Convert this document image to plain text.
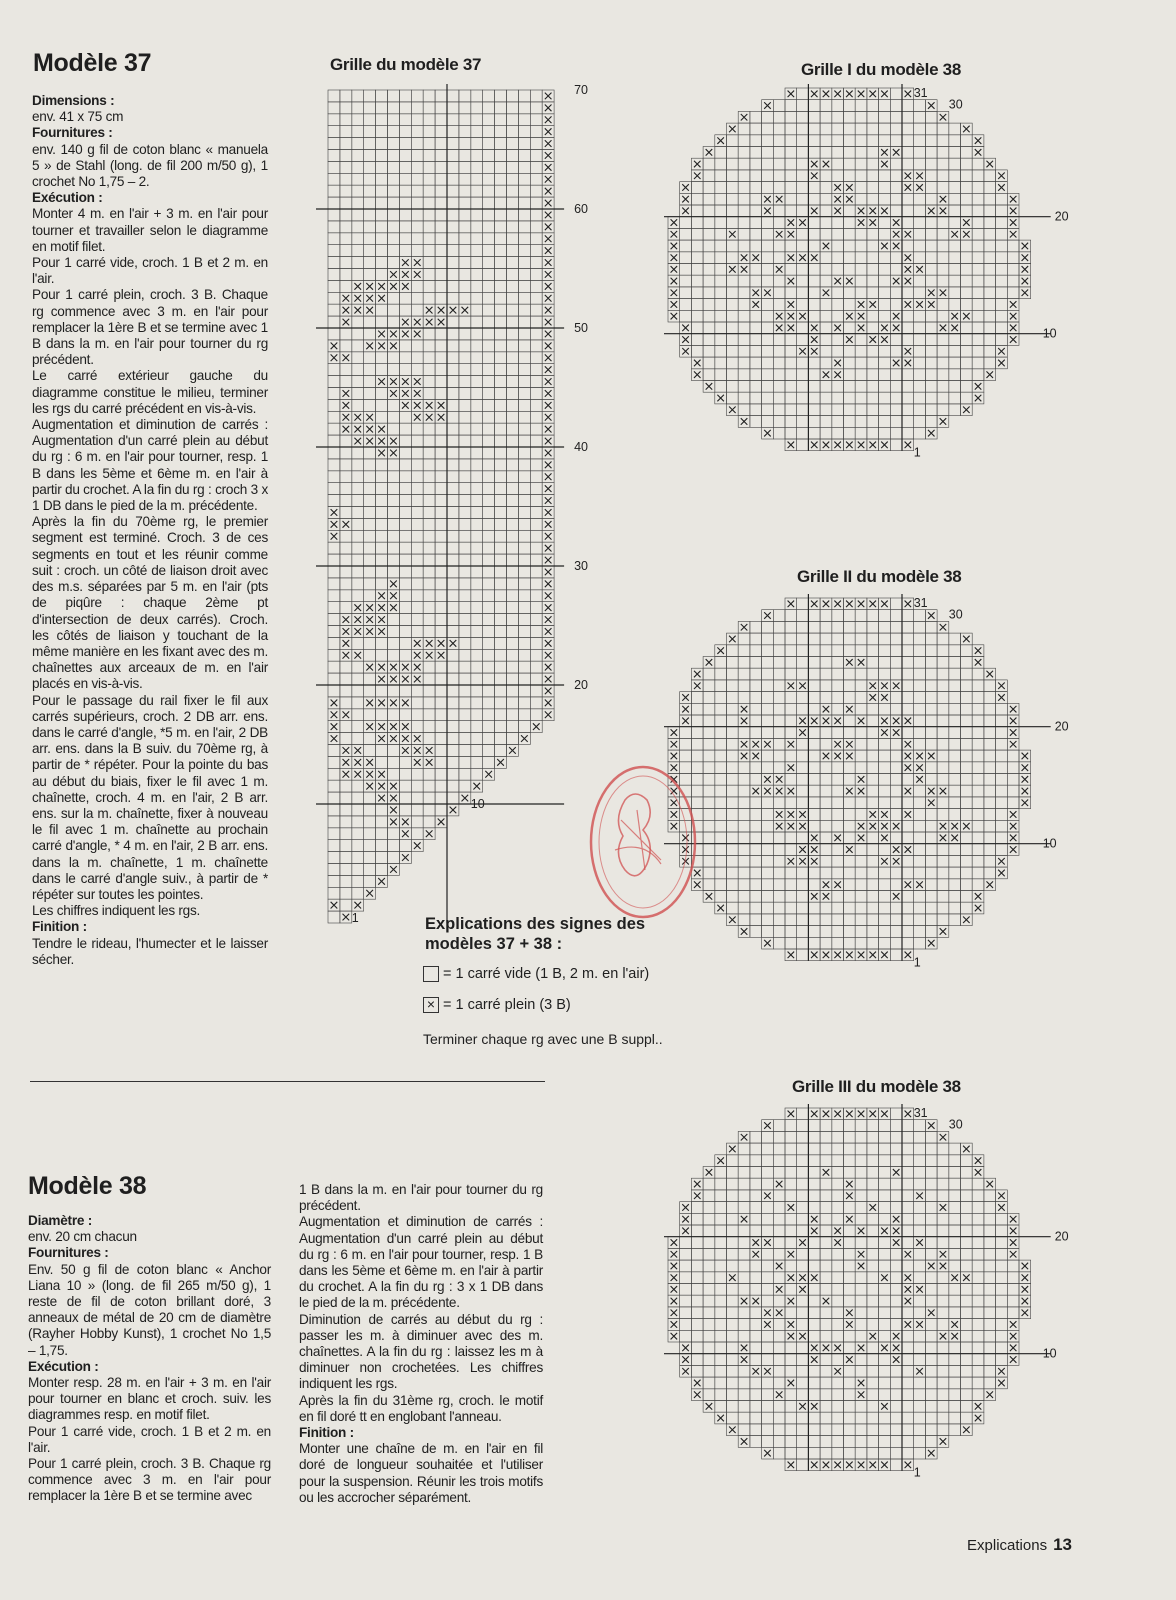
Modèle 37

Dimensions :

env. 41 x 75 cm

Fournitures :

env. 140 g fil de coton blanc « manuela 5 » de Stahl (long. de fil 200 m/50 g), 1 crochet No 1,75 – 2.

Exécution :

Monter 4 m. en l'air + 3 m. en l'air pour tourner et travailler selon le diagramme en motif filet.

Pour 1 carré vide, croch. 1 B et 2 m. en l'air.

Pour 1 carré plein, croch. 3 B. Chaque rg commence avec 3 m. en l'air pour remplacer la 1ère B et se termine avec 1 B dans la m. en l'air pour tourner du rg précédent.

Le carré extérieur gauche du diagramme constitue le milieu, terminer les rgs du carré précédent en vis-à-vis.

Augmentation et diminution de carrés : Augmentation d'un carré plein au début du rg : 6 m. en l'air pour tourner, resp. 1 B dans les 5ème et 6ème m. en l'air à partir du crochet. A la fin du rg : croch 3 x 1 DB dans le pied de la m. précédente.

Après la fin du 70ème rg, le premier segment est terminé. Croch. 3 de ces segments en tout et les réunir comme suit : croch. un côté de liaison droit avec des m.s. séparées par 5 m. en l'air (pts de piqûre : chaque 2ème pt d'intersection de deux carrés). Croch. les côtés de liaison y touchant de la même manière en les fixant avec des m. chaînettes aux arceaux de m. en l'air placés en vis-à-vis.

Pour le passage du rail fixer le fil aux carrés supérieurs, croch. 2 DB arr. ens. dans le carré d'angle, *5 m. en l'air, 2 DB arr. ens. dans la B suiv. du 70ème rg, à partir de * répéter. Pour la pointe du bas au début du biais, fixer le fil avec 1 m. chaînette, croch. 4 m. en l'air, 2 B arr. ens. sur la m. chaînette, fixer à nouveau le fil avec 1 m. chaînette au prochain carré d'angle, * 4 m. en l'air, 2 B arr. ens. dans la m. chaînette, 1 m. chaînette dans le carré d'angle suiv., à partir de * répéter sur toutes les pointes.

Les chiffres indiquent les rgs.

Finition :

Tendre le rideau, l'humecter et le laisser sécher.

Grille du modèle 37
70
60
50
40
30
20
10
1
Grille I du modèle 38
31
30
20
10
1
Grille II du modèle 38
31
30
20
10
1
Grille III du modèle 38
31
30
20
10
1
Explications des signes des
modèles 37 + 38 :
= 1 carré vide (1 B, 2 m. en l'air)
× = 1 carré plein (3 B)
Terminer chaque rg avec une B suppl..
Modèle 38

Diamètre :

env. 20 cm chacun

Fournitures :

Env. 50 g fil de coton blanc « Anchor Liana 10 » (long. de fil 265 m/50 g), 1 reste de fil de coton brillant doré, 3 anneaux de métal de 20 cm de diamètre (Rayher Hobby Kunst), 1 crochet No 1,5 – 1,75.

Exécution :

Monter resp. 28 m. en l'air + 3 m. en l'air pour tourner en blanc et croch. suiv. les diagrammes resp. en motif filet.

Pour 1 carré vide, croch. 1 B et 2 m. en l'air.

Pour 1 carré plein, croch. 3 B. Chaque rg commence avec 3 m. en l'air pour remplacer la 1ère B et se termine avec

1 B dans la m. en l'air pour tourner du rg précédent.

Augmentation et diminution de carrés : Augmentation d'un carré plein au début du rg : 6 m. en l'air pour tourner, resp. 1 B dans les 5ème et 6ème m. en l'air à partir du crochet. A la fin du rg : 3 x 1 DB dans le pied de la m. précédente.

Diminution de carrés au début du rg : passer les m. à diminuer avec des m. chaînettes. A la fin du rg : laissez les m à diminuer non crochetées. Les chiffres indiquent les rgs.

Après la fin du 31ème rg, croch. le motif en fil doré tt en englobant l'anneau.

Finition :

Monter une chaîne de m. en l'air en fil doré de longueur souhaitée et l'utiliser pour la suspension. Réunir les trois motifs ou les accrocher séparément.

Explications 13
